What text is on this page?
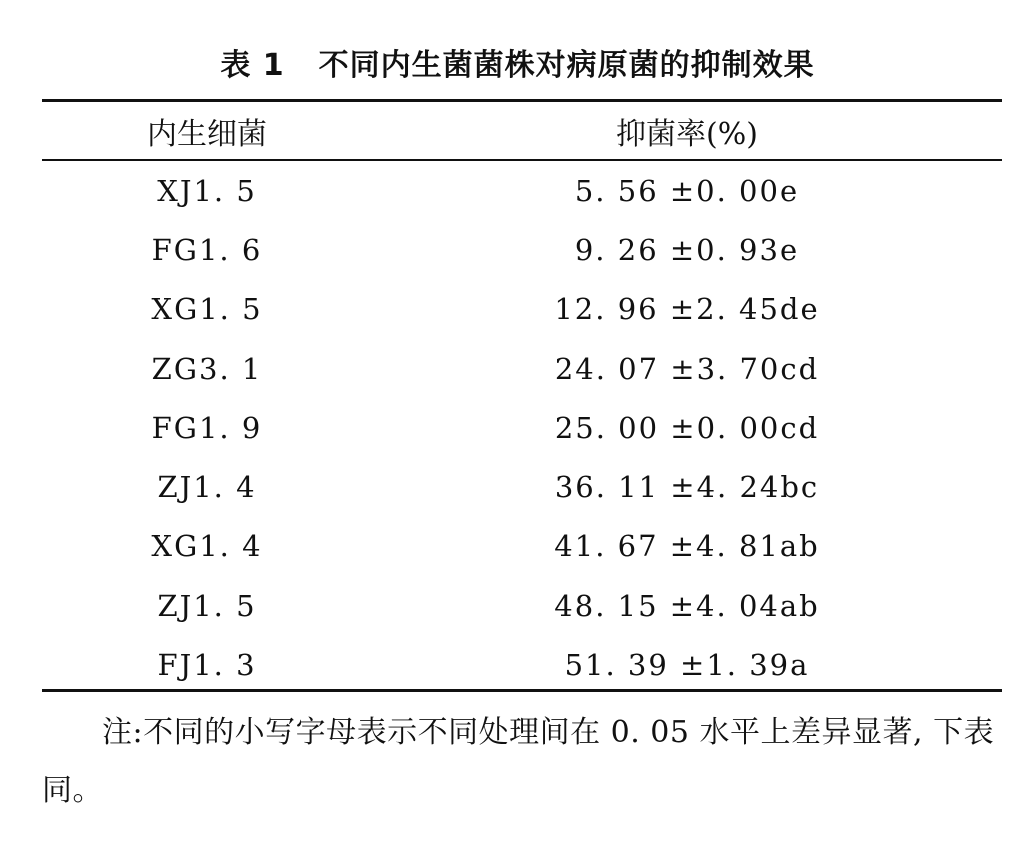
表 1 不同内生菌菌株对病原菌的抑制效果
内生细菌	抑菌率(%)
XJ1. 5	5. 56 ±0. 00e
FG1. 6	9. 26 ±0. 93e
XG1. 5	12. 96 ±2. 45de
ZG3. 1	24. 07 ±3. 70cd
FG1. 9	25. 00 ±0. 00cd
ZJ1. 4	36. 11 ±4. 24bc
XG1. 4	41. 67 ±4. 81ab
ZJ1. 5	48. 15 ±4. 04ab
FJ1. 3	51. 39 ±1. 39a
注:不同的小写字母表示不同处理间在 0. 05 水平上差异显著, 下表同。
